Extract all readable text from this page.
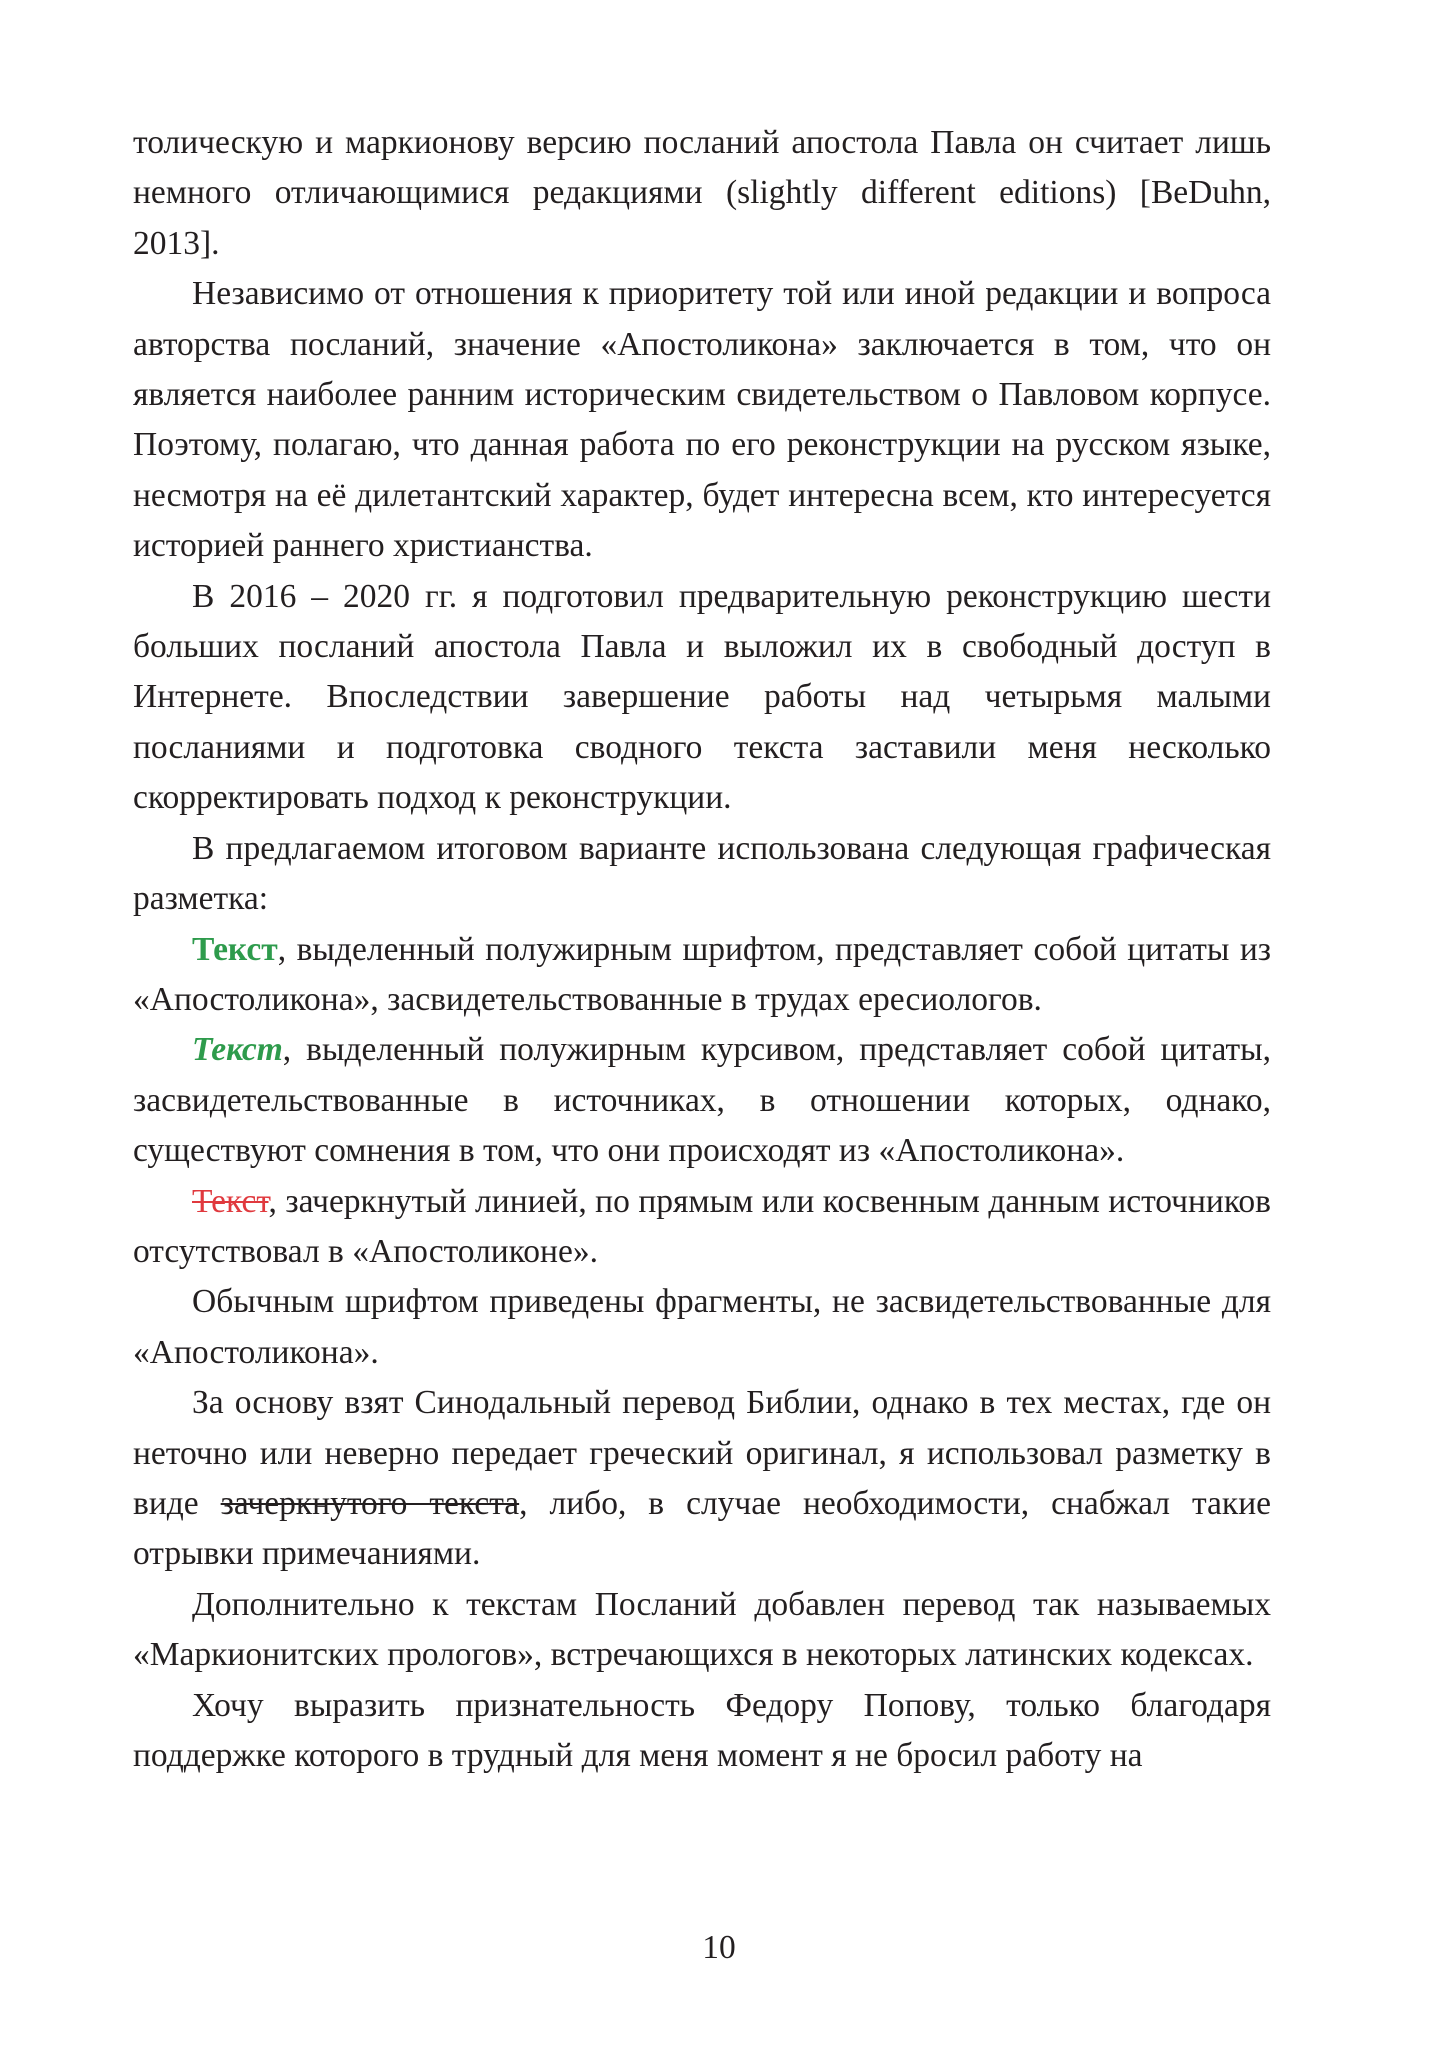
толическую и маркионову версию посланий апостола Павла он считает лишь немного отличающимися редакциями (slightly different editions) [BeDuhn, 2013].

Независимо от отношения к приоритету той или иной редакции и вопроса авторства посланий, значение «Апостоликона» заключается в том, что он является наиболее ранним историческим свидетельством о Павловом корпусе. Поэтому, полагаю, что данная работа по его реконструкции на русском языке, несмотря на её дилетантский характер, будет интересна всем, кто интересуется историей раннего христианства.

В 2016 – 2020 гг. я подготовил предварительную реконструкцию шести больших посланий апостола Павла и выложил их в свободный доступ в Интернете. Впоследствии завершение работы над четырьмя малыми посланиями и подготовка сводного текста заставили меня несколько скорректировать подход к реконструкции.

В предлагаемом итоговом варианте использована следующая графическая разметка:

Текст, выделенный полужирным шрифтом, представляет собой цитаты из «Апостоликона», засвидетельствованные в трудах ересиологов.

Текст, выделенный полужирным курсивом, представляет собой цитаты, засвидетельствованные в источниках, в отношении которых, однако, существуют сомнения в том, что они происходят из «Апостоликона».

Текст, зачеркнутый линией, по прямым или косвенным данным источников отсутствовал в «Апостоликоне».

Обычным шрифтом приведены фрагменты, не засвидетельствованные для «Апостоликона».

За основу взят Синодальный перевод Библии, однако в тех местах, где он неточно или неверно передает греческий оригинал, я использовал разметку в виде зачеркнутого текста, либо, в случае необходимости, снабжал такие отрывки примечаниями.

Дополнительно к текстам Посланий добавлен перевод так называемых «Маркионитских прологов», встречающихся в некоторых латинских кодексах.

Хочу выразить признательность Федору Попову, только благодаря поддержке которого в трудный для меня момент я не бросил работу на

10
